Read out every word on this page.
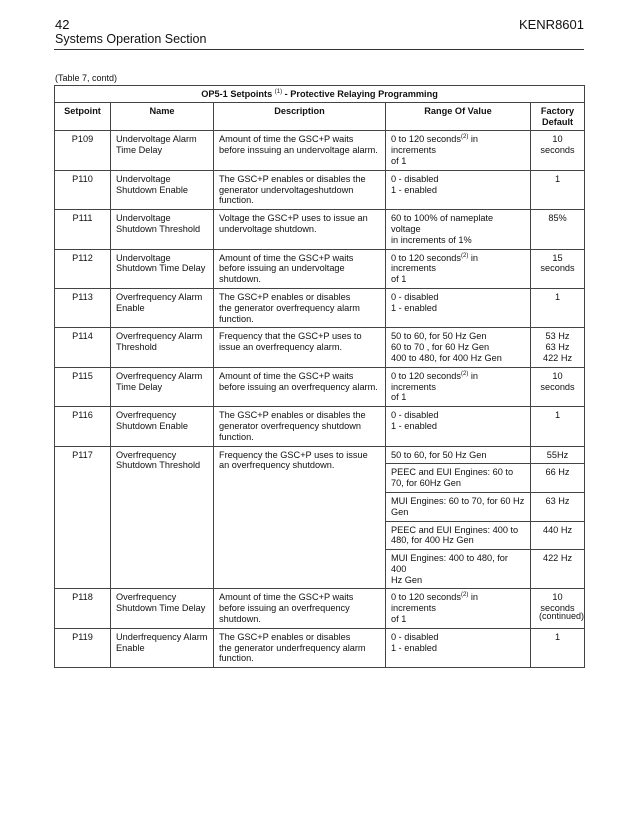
42	KENR8601
Systems Operation Section
(Table 7, contd)
OP5-1 Setpoints $^{(1)}$ - Protective Relaying Programming				
Setpoint	Name	Description	Range Of Value	Factory Default
P109	Undervoltage Alarm
Time Delay	Amount of time the GSC+P waits
before inssuing an undervoltage alarm.	0 to 120 seconds$^{(2)}$ in increments
of 1	10
seconds
P110	Undervoltage
Shutdown Enable	The GSC+P enables or disables the
generator undervoltageshutdown
function.	0 - disabled
1 - enabled	1
P111	Undervoltage
Shutdown Threshold	Voltage the GSC+P uses to issue an
undervoltage shutdown.	60 to 100% of nameplate voltage
in increments of 1%	85%
P112	Undervoltage
Shutdown Time Delay	Amount of time the GSC+P waits
before issuing an undervoltage
shutdown.	0 to 120 seconds$^{(2)}$ in increments
of 1	15
seconds
P113	Overfrequency Alarm
Enable	The GSC+P enables or disables
the generator overfrequency alarm
function.	0 - disabled
1 - enabled	1
P114	Overfrequency Alarm
Threshold	Frequency that the GSC+P uses to
issue an overfrequency alarm.	50 to 60, for 50 Hz Gen
60 to 70 , for 60 Hz Gen
400 to 480, for 400 Hz Gen	53 Hz
63 Hz
422 Hz
P115	Overfrequency Alarm
Time Delay	Amount of time the GSC+P waits
before issuing an overfrequency alarm.	0 to 120 seconds$^{(2)}$ in increments
of 1	10
seconds
P116	Overfrequency
Shutdown Enable	The GSC+P enables or disables the
generator overfrequency shutdown
function.	0 - disabled
1 - enabled	1
P117	Overfrequency
Shutdown Threshold	Frequency the GSC+P uses to issue
an overfrequency shutdown.	50 to 60, for 50 Hz Gen	55Hz
			PEEC and EUI Engines: 60 to
70, for 60Hz Gen	66 Hz
			MUI Engines: 60 to 70, for 60 Hz
Gen	63 Hz
			PEEC and EUI Engines: 400 to
480, for 400 Hz Gen	440 Hz
			MUI Engines: 400 to 480, for 400
Hz Gen	422 Hz
P118	Overfrequency
Shutdown Time Delay	Amount of time the GSC+P waits
before issuing an overfrequency
shutdown.	0 to 120 seconds$^{(2)}$ in increments
of 1	10
seconds
P119	Underfrequency Alarm
Enable	The GSC+P enables or disables
the generator underfrequency alarm
function.	0 - disabled
1 - enabled	1
(continued)
